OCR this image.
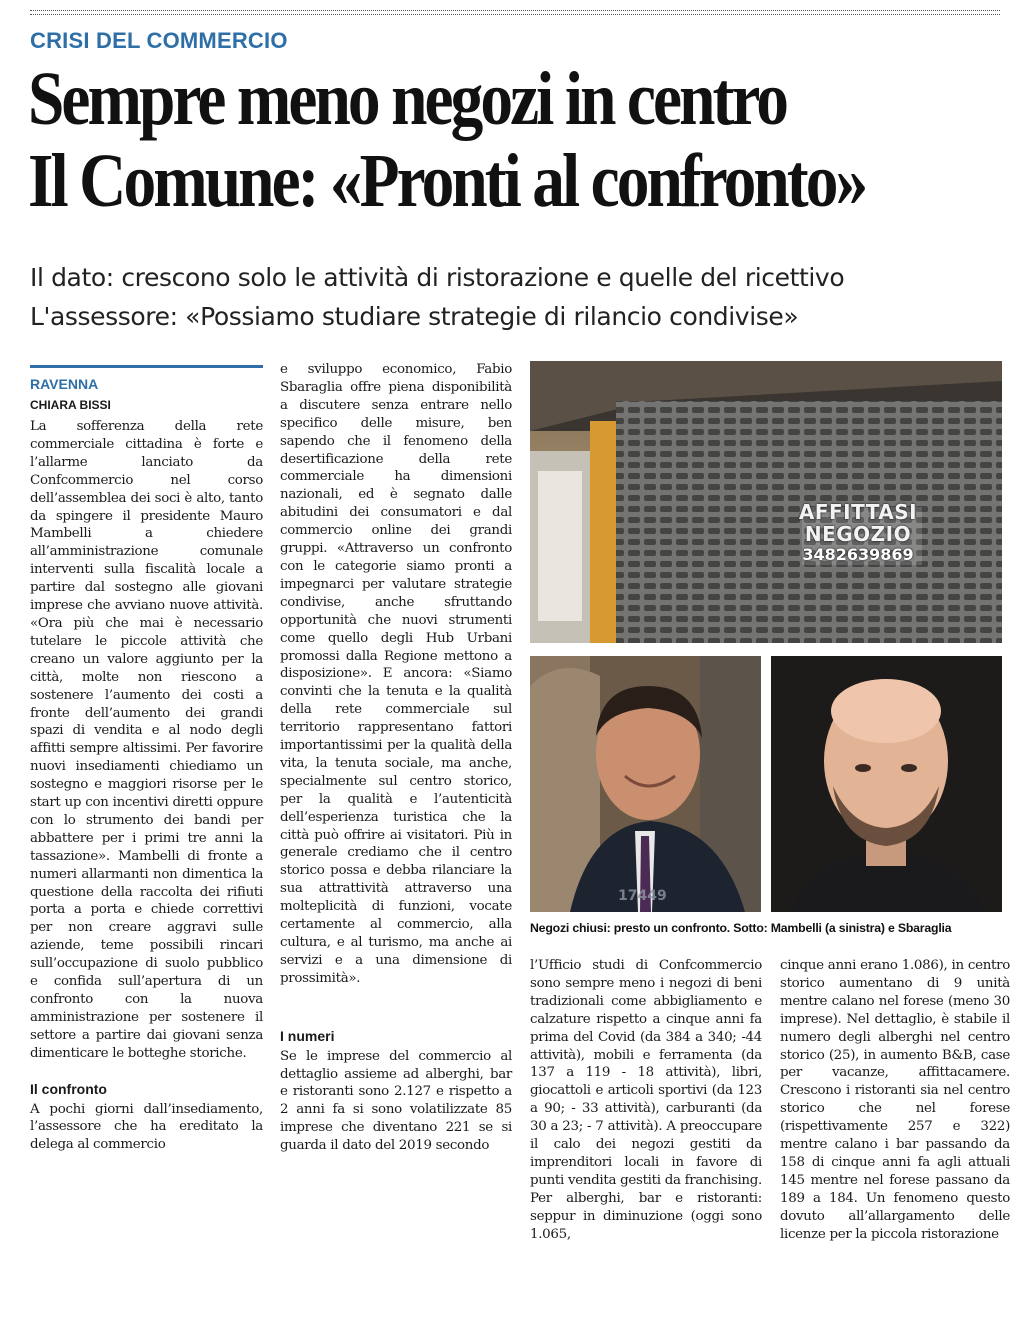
CRISI DEL COMMERCIO
Sempre meno negozi in centro
Il Comune: «Pronti al confronto»
Il dato: crescono solo le attività di ristorazione e quelle del ricettivo
L'assessore: «Possiamo studiare strategie di rilancio condivise»
RAVENNA
CHIARA BISSI

La sofferenza della rete commerciale cittadina è forte e l’allarme lanciato da Confcommercio nel corso dell’assemblea dei soci è alto, tanto da spingere il presidente Mauro Mambelli a chiedere all’amministrazione comunale interventi sulla fiscalità locale a partire dal sostegno alle giovani imprese che avviano nuove attività. «Ora più che mai è necessario tutelare le piccole attività che creano un valore aggiunto per la città, molte non riescono a sostenere l’aumento dei costi a fronte dell’aumento dei grandi spazi di vendita e al nodo degli affitti sempre altissimi. Per favorire nuovi insediamenti chiediamo un sostegno e maggiori risorse per le start up con incentivi diretti oppure con lo strumento dei bandi per abbattere per i primi tre anni la tassazione». Mambelli di fronte a numeri allarmanti non dimentica la questione della raccolta dei rifiuti porta a porta e chiede correttivi per non creare aggravi sulle aziende, teme possibili rincari sull’occupazione di suolo pubblico e confida sull’apertura di un confronto con la nuova amministrazione per sostenere il settore a partire dai giovani senza dimenticare le botteghe storiche.

Il confronto

A pochi giorni dall’insediamento, l’assessore che ha ereditato la delega al commercio

e sviluppo economico, Fabio Sbaraglia offre piena disponibilità a discutere senza entrare nello specifico delle misure, ben sapendo che il fenomeno della desertificazione della rete commerciale ha dimensioni nazionali, ed è segnato dalle abitudini dei consumatori e dal commercio online dei grandi gruppi. «Attraverso un confronto con le categorie siamo pronti a impegnarci per valutare strategie condivise, anche sfruttando opportunità che nuovi strumenti come quello degli Hub Urbani promossi dalla Regione mettono a disposizione». E ancora: «Siamo convinti che la tenuta e la qualità della rete commerciale sul territorio rappresentano fattori importantissimi per la qualità della vita, la tenuta sociale, ma anche, specialmente sul centro storico, per la qualità e l’autenticità dell’esperienza turistica che la città può offrire ai visitatori. Più in generale crediamo che il centro storico possa e debba rilanciare la sua attrattività attraverso una molteplicità di funzioni, vocate certamente al commercio, alla cultura, e al turismo, ma anche ai servizi e a una dimensione di prossimità».

I numeri

Se le imprese del commercio al dettaglio assieme ad alberghi, bar e ristoranti sono 2.127 e rispetto a 2 anni fa si sono volatilizzate 85 imprese che diventano 221 se si guarda il dato del 2019 secondo

AFFITTASI
NEGOZIO
3482639869
17449
Negozi chiusi: presto un confronto. Sotto: Mambelli (a sinistra) e Sbaraglia

l’Ufficio studi di Confcommercio sono sempre meno i negozi di beni tradizionali come abbigliamento e calzature rispetto a cinque anni fa prima del Covid (da 384 a 340; -44 attività), mobili e ferramenta (da 137 a 119 - 18 attività), libri, giocattoli e articoli sportivi (da 123 a 90; - 33 attività), carburanti (da 30 a 23; - 7 attività). A preoccupare il calo dei negozi gestiti da imprenditori locali in favore di punti vendita gestiti da franchising. Per alberghi, bar e ristoranti: seppur in diminuzione (oggi sono 1.065,

cinque anni erano 1.086), in centro storico aumentano di 9 unità mentre calano nel forese (meno 30 imprese). Nel dettaglio, è stabile il numero degli alberghi nel centro storico (25), in aumento B&B, case per vacanze, affittacamere. Crescono i ristoranti sia nel centro storico che nel forese (rispettivamente 257 e 322) mentre calano i bar passando da 158 di cinque anni fa agli attuali 145 mentre nel forese passano da 189 a 184. Un fenomeno questo dovuto all’allargamento delle licenze per la piccola ristorazione
